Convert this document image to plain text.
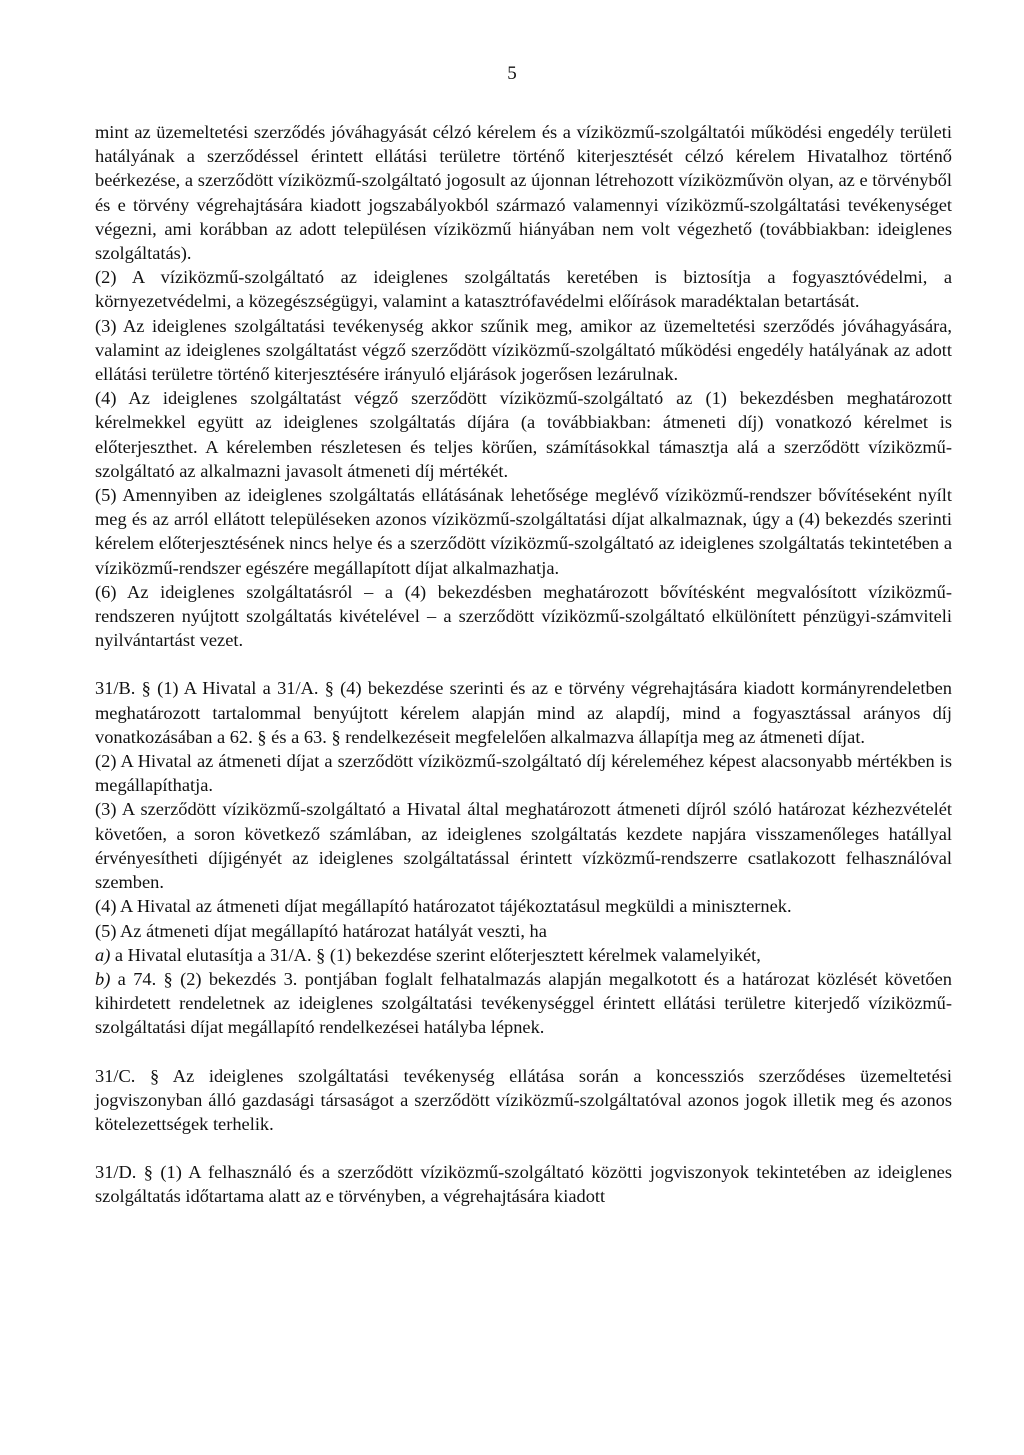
5

mint az üzemeltetési szerződés jóváhagyását célzó kérelem és a víziközmű-szolgáltatói működési engedély területi hatályának a szerződéssel érintett ellátási területre történő kiterjesztését célzó kérelem Hivatalhoz történő beérkezése, a szerződött víziközmű-szolgáltató jogosult az újonnan létrehozott víziközművön olyan, az e törvényből és e törvény végrehajtására kiadott jogszabályokból származó valamennyi víziközmű-szolgáltatási tevékenységet végezni, ami korábban az adott településen víziközmű hiányában nem volt végezhető (továbbiakban: ideiglenes szolgáltatás).

(2) A víziközmű-szolgáltató az ideiglenes szolgáltatás keretében is biztosítja a fogyasztóvédelmi, a környezetvédelmi, a közegészségügyi, valamint a katasztrófavédelmi előírások maradéktalan betartását.

(3) Az ideiglenes szolgáltatási tevékenység akkor szűnik meg, amikor az üzemeltetési szerződés jóváhagyására, valamint az ideiglenes szolgáltatást végző szerződött víziközmű-szolgáltató működési engedély hatályának az adott ellátási területre történő kiterjesztésére irányuló eljárások jogerősen lezárulnak.

(4) Az ideiglenes szolgáltatást végző szerződött víziközmű-szolgáltató az (1) bekezdésben meghatározott kérelmekkel együtt az ideiglenes szolgáltatás díjára (a továbbiakban: átmeneti díj) vonatkozó kérelmet is előterjeszthet. A kérelemben részletesen és teljes körűen, számításokkal támasztja alá a szerződött víziközmű-szolgáltató az alkalmazni javasolt átmeneti díj mértékét.

(5) Amennyiben az ideiglenes szolgáltatás ellátásának lehetősége meglévő víziközmű-rendszer bővítéseként nyílt meg és az arról ellátott településeken azonos víziközmű-szolgáltatási díjat alkalmaznak, úgy a (4) bekezdés szerinti kérelem előterjesztésének nincs helye és a szerződött víziközmű-szolgáltató az ideiglenes szolgáltatás tekintetében a víziközmű-rendszer egészére megállapított díjat alkalmazhatja.

(6) Az ideiglenes szolgáltatásról – a (4) bekezdésben meghatározott bővítésként megvalósított víziközmű-rendszeren nyújtott szolgáltatás kivételével – a szerződött víziközmű-szolgáltató elkülönített pénzügyi-számviteli nyilvántartást vezet.

31/B. § (1) A Hivatal a 31/A. § (4) bekezdése szerinti és az e törvény végrehajtására kiadott kormányrendeletben meghatározott tartalommal benyújtott kérelem alapján mind az alapdíj, mind a fogyasztással arányos díj vonatkozásában a 62. § és a 63. § rendelkezéseit megfelelően alkalmazva állapítja meg az átmeneti díjat.

(2) A Hivatal az átmeneti díjat a szerződött víziközmű-szolgáltató díj kéreleméhez képest alacsonyabb mértékben is megállapíthatja.

(3) A szerződött víziközmű-szolgáltató a Hivatal által meghatározott átmeneti díjról szóló határozat kézhezvételét követően, a soron következő számlában, az ideiglenes szolgáltatás kezdete napjára visszamenőleges hatállyal érvényesítheti díjigényét az ideiglenes szolgáltatással érintett vízközmű-rendszerre csatlakozott felhasználóval szemben.

(4) A Hivatal az átmeneti díjat megállapító határozatot tájékoztatásul megküldi a miniszternek.

(5) Az átmeneti díjat megállapító határozat hatályát veszti, ha

a) a Hivatal elutasítja a 31/A. § (1) bekezdése szerint előterjesztett kérelmek valamelyikét,

b) a 74. § (2) bekezdés 3. pontjában foglalt felhatalmazás alapján megalkotott és a határozat közlését követően kihirdetett rendeletnek az ideiglenes szolgáltatási tevékenységgel érintett ellátási területre kiterjedő víziközmű-szolgáltatási díjat megállapító rendelkezései hatályba lépnek.

31/C. § Az ideiglenes szolgáltatási tevékenység ellátása során a koncessziós szerződéses üzemeltetési jogviszonyban álló gazdasági társaságot a szerződött víziközmű-szolgáltatóval azonos jogok illetik meg és azonos kötelezettségek terhelik.

31/D. § (1) A felhasználó és a szerződött víziközmű-szolgáltató közötti jogviszonyok tekintetében az ideiglenes szolgáltatás időtartama alatt az e törvényben, a végrehajtására kiadott
